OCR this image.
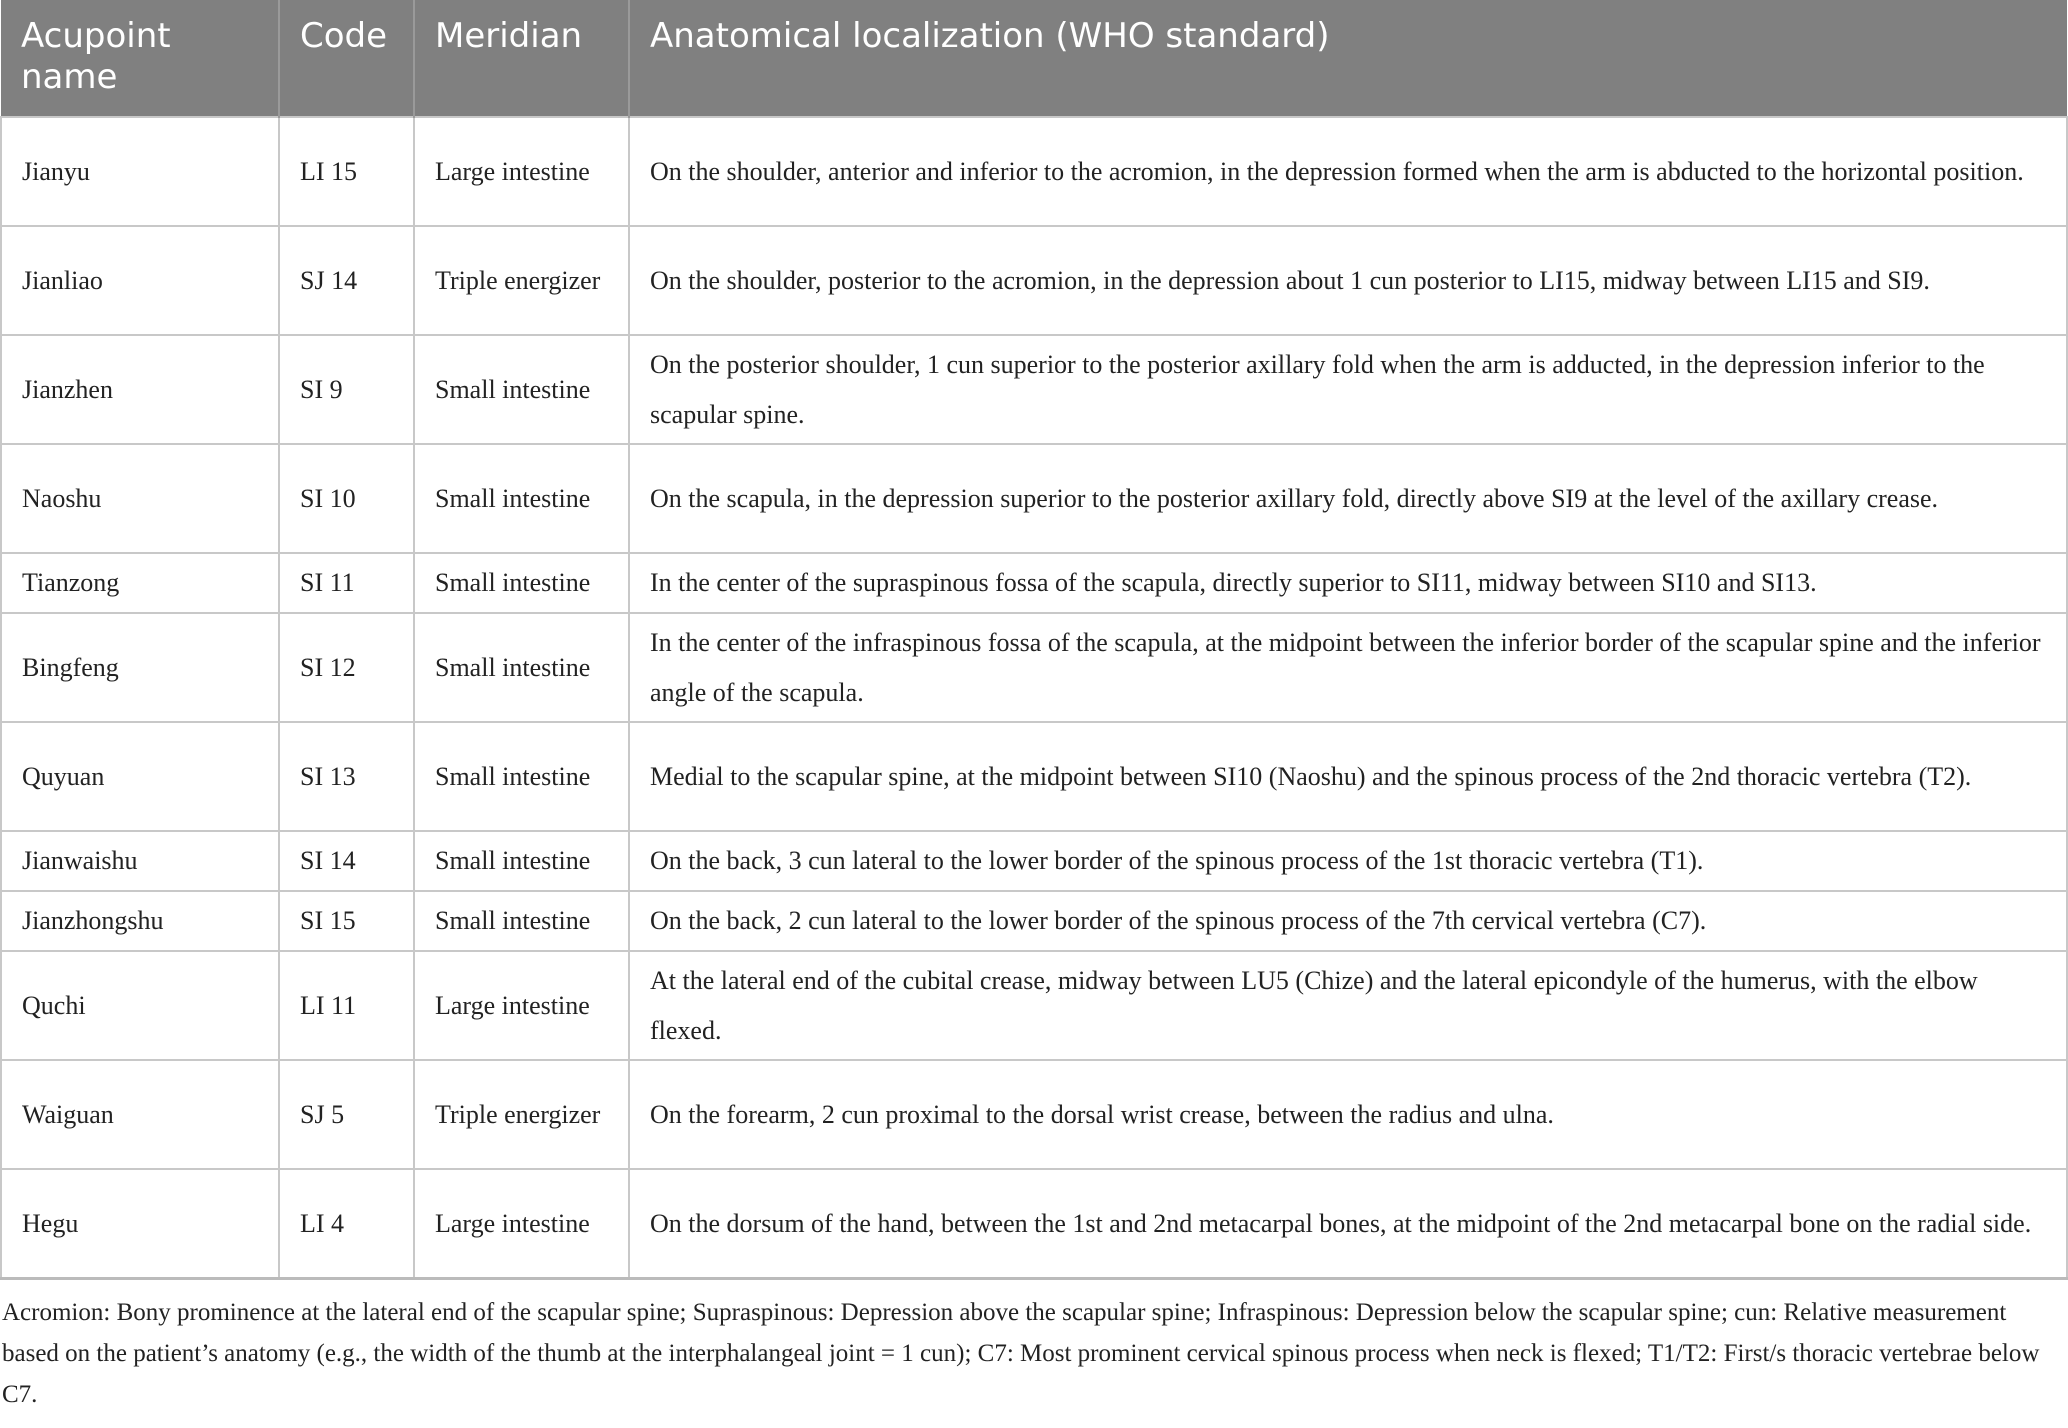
Acupoint name	Code	Meridian	Anatomical localization (WHO standard)
Jianyu	LI 15	Large intestine	On the shoulder, anterior and inferior to the acromion, in the depression formed when the arm is abducted to the horizontal position.
Jianliao	SJ 14	Triple energizer	On the shoulder, posterior to the acromion, in the depression about 1 cun posterior to LI15, midway between LI15 and SI9.
Jianzhen	SI 9	Small intestine	On the posterior shoulder, 1 cun superior to the posterior axillary fold when the arm is adducted, in the depression inferior to the scapular spine.
Naoshu	SI 10	Small intestine	On the scapula, in the depression superior to the posterior axillary fold, directly above SI9 at the level of the axillary crease.
Tianzong	SI 11	Small intestine	In the center of the supraspinous fossa of the scapula, directly superior to SI11, midway between SI10 and SI13.
Bingfeng	SI 12	Small intestine	In the center of the infraspinous fossa of the scapula, at the midpoint between the inferior border of the scapular spine and the inferior angle of the scapula.
Quyuan	SI 13	Small intestine	Medial to the scapular spine, at the midpoint between SI10 (Naoshu) and the spinous process of the 2nd thoracic vertebra (T2).
Jianwaishu	SI 14	Small intestine	On the back, 3 cun lateral to the lower border of the spinous process of the 1st thoracic vertebra (T1).
Jianzhongshu	SI 15	Small intestine	On the back, 2 cun lateral to the lower border of the spinous process of the 7th cervical vertebra (C7).
Quchi	LI 11	Large intestine	At the lateral end of the cubital crease, midway between LU5 (Chize) and the lateral epicondyle of the humerus, with the elbow flexed.
Waiguan	SJ 5	Triple energizer	On the forearm, 2 cun proximal to the dorsal wrist crease, between the radius and ulna.
Hegu	LI 4	Large intestine	On the dorsum of the hand, between the 1st and 2nd metacarpal bones, at the midpoint of the 2nd metacarpal bone on the radial side.
Acromion: Bony prominence at the lateral end of the scapular spine; Supraspinous: Depression above the scapular spine; Infraspinous: Depression below the scapular spine; cun: Relative measurement based on the patient’s anatomy (e.g., the width of the thumb at the interphalangeal joint = 1 cun); C7: Most prominent cervical spinous process when neck is flexed; T1/T2: First/s thoracic vertebrae below C7.
